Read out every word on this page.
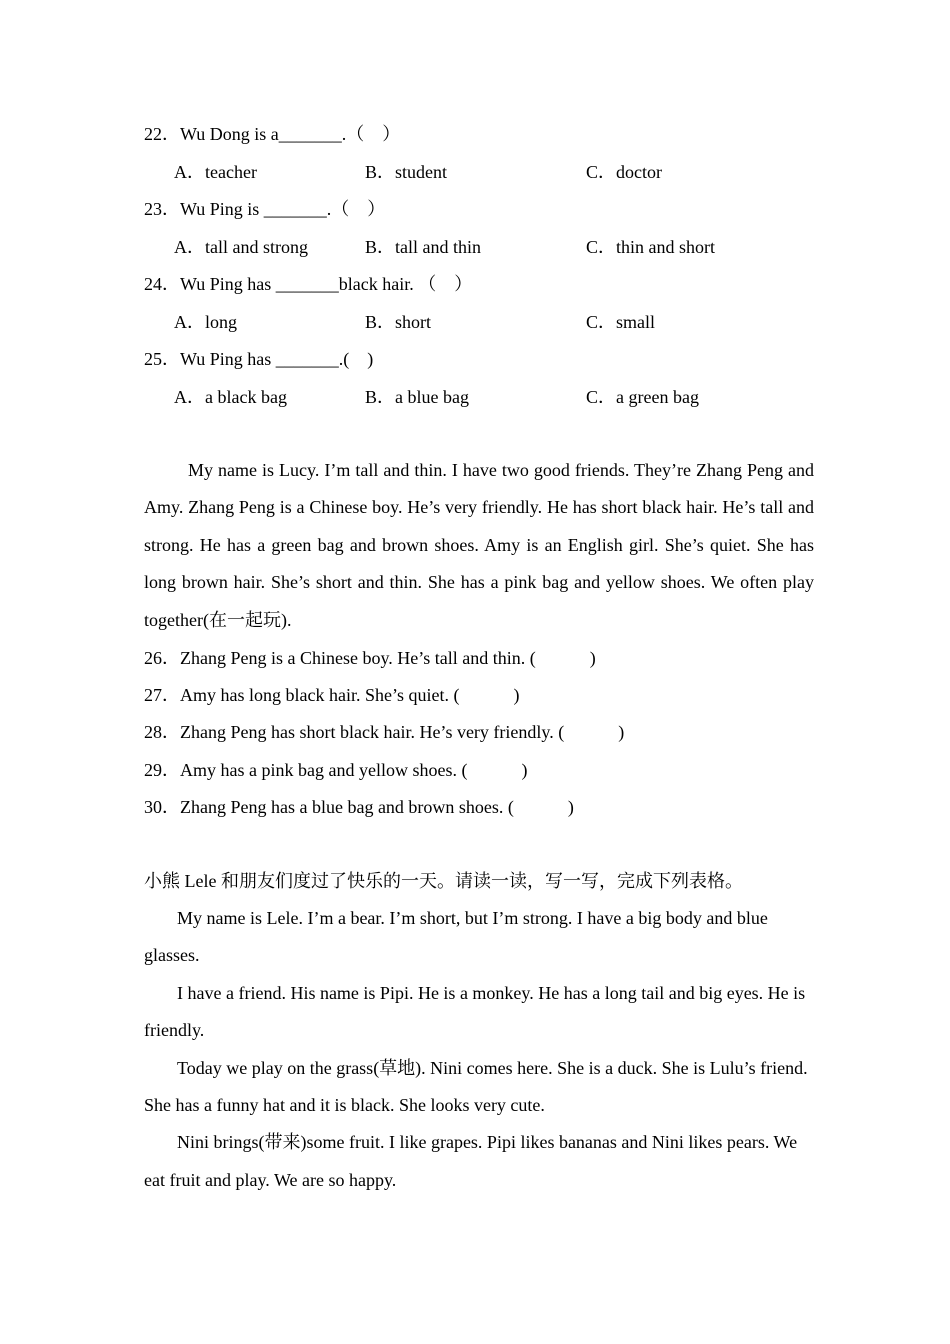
22．Wu Dong is a_______.（　）
A．teacher	B．student	C．doctor
23．Wu Ping is _______.（　）
A．tall and strong	B．tall and thin	C．thin and short
24．Wu Ping has _______black hair. （　）
A．long	B．short	C．small
25．Wu Ping has _______.(　)
A．a black bag	B．a blue bag	C．a green bag
My name is Lucy. I’m tall and thin. I have two good friends. They’re Zhang Peng and Amy. Zhang Peng is a Chinese boy. He’s very friendly. He has short black hair. He’s tall and strong. He has a green bag and brown shoes. Amy is an English girl. She’s quiet. She has long brown hair. She’s short and thin. She has a pink bag and yellow shoes. We often play together(在一起玩).
26．Zhang Peng is a Chinese boy. He’s tall and thin. (　　　)
27．Amy has long black hair. She’s quiet. (　　　)
28．Zhang Peng has short black hair. He’s very friendly. (　　　)
29．Amy has a pink bag and yellow shoes. (　　　)
30．Zhang Peng has a blue bag and brown shoes. (　　　)
小熊 Lele 和朋友们度过了快乐的一天。请读一读，写一写，完成下列表格。
My name is Lele. I’m a bear. I’m short, but I’m strong. I have a big body and blue glasses.
I have a friend. His name is Pipi. He is a monkey. He has a long tail and big eyes. He is friendly.
Today we play on the grass(草地). Nini comes here. She is a duck. She is Lulu’s friend. She has a funny hat and it is black. She looks very cute.
Nini brings(带来)some fruit. I like grapes. Pipi likes bananas and Nini likes pears. We eat fruit and play. We are so happy.
